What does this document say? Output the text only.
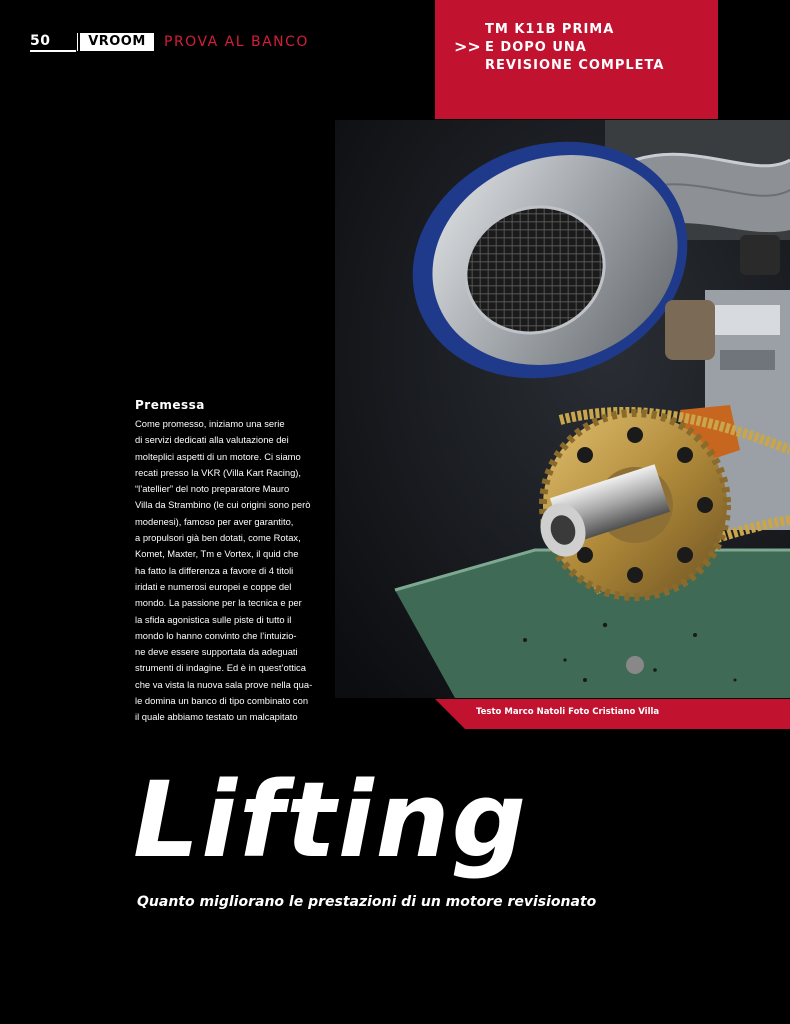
50	VROOM	PROVA AL BANCO	>>
TM K11B PRIMA
E DOPO UNA
REVISIONE COMPLETA
Testo Marco Natoli Foto Cristiano Villa
Premessa
Come promesso, iniziamo una serie
di servizi dedicati alla valutazione dei
molteplici aspetti di un motore. Ci siamo
recati presso la VKR (Villa Kart Racing),
“l’atellier” del noto preparatore Mauro
Villa da Strambino (le cui origini sono però
modenesi), famoso per aver garantito,
a propulsori già ben dotati, come Rotax,
Komet, Maxter, Tm e Vortex, il quid che
ha fatto la differenza a favore di 4 titoli
iridati e numerosi europei e coppe del
mondo. La passione per la tecnica e per
la sfida agonistica sulle piste di tutto il
mondo lo hanno convinto che l’intuizio-
ne deve essere supportata da adeguati
strumenti di indagine. Ed è in quest’ottica
che va vista la nuova sala prove nella qua-
le domina un banco di tipo combinato con
il quale abbiamo testato un malcapitato
Lifting
Quanto migliorano le prestazioni di un motore revisionato
